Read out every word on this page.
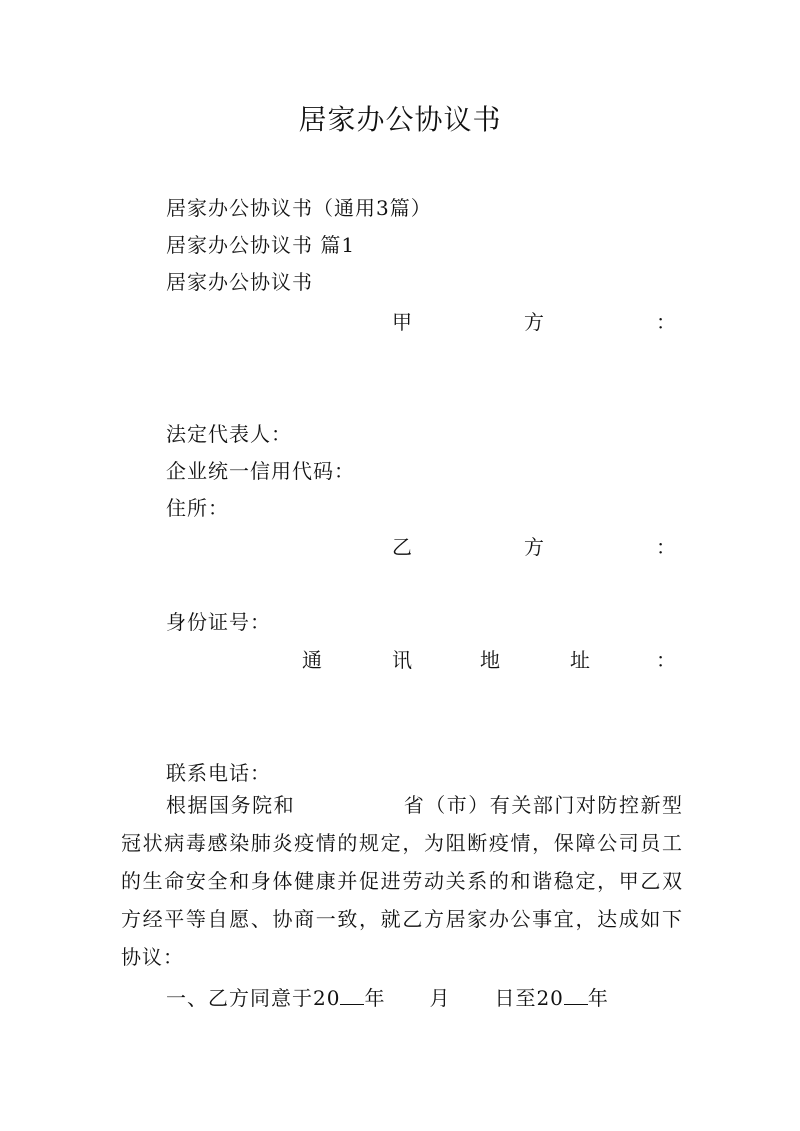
居家办公协议书
居家办公协议书（通用3篇）
居家办公协议书 篇1
居家办公协议书
甲	方	：
法定代表人：
企业统一信用代码：
住所：
乙	方	：
身份证号：
通	讯	地	址	：
联系电话：

根据国务院和	省（市）有关部门对防控新型冠状病毒感染肺炎疫情的规定，为阻断疫情，保障公司员工的生命安全和身体健康并促进劳动关系的和谐稳定，甲乙双方经平等自愿、协商一致，就乙方居家办公事宜，达成如下协议：

一、乙方同意于20 年 月 日至20 年
